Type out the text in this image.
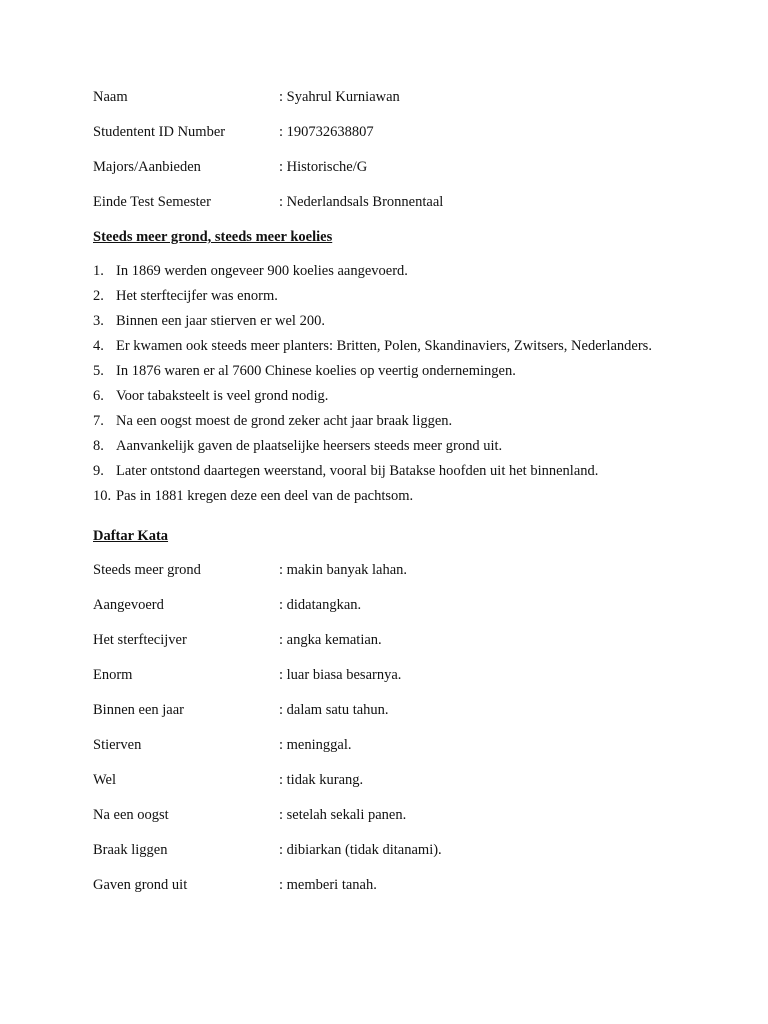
Naam	: Syahrul Kurniawan
Studentent ID Number	: 190732638807
Majors/Aanbieden	: Historische/G
Einde Test Semester	: Nederlandsals Bronnentaal
Steeds meer grond, steeds meer koelies
1. In 1869 werden ongeveer 900 koelies aangevoerd.
2. Het sterftecijfer was enorm.
3. Binnen een jaar stierven er wel 200.
4. Er kwamen ook steeds meer planters: Britten, Polen, Skandinaviers, Zwitsers, Nederlanders.
5. In 1876 waren er al 7600 Chinese koelies op veertig ondernemingen.
6. Voor tabaksteelt is veel grond nodig.
7. Na een oogst moest de grond zeker acht jaar braak liggen.
8. Aanvankelijk gaven de plaatselijke heersers steeds meer grond uit.
9. Later ontstond daartegen weerstand, vooral bij Batakse hoofden uit het binnenland.
10. Pas in 1881 kregen deze een deel van de pachtsom.
Daftar Kata
Steeds meer grond	: makin banyak lahan.
Aangevoerd	: didatangkan.
Het sterftecijver	: angka kematian.
Enorm	: luar biasa besarnya.
Binnen een jaar	: dalam satu tahun.
Stierven	: meninggal.
Wel	: tidak kurang.
Na een oogst	: setelah sekali panen.
Braak liggen	: dibiarkan (tidak ditanami).
Gaven grond uit	: memberi tanah.
